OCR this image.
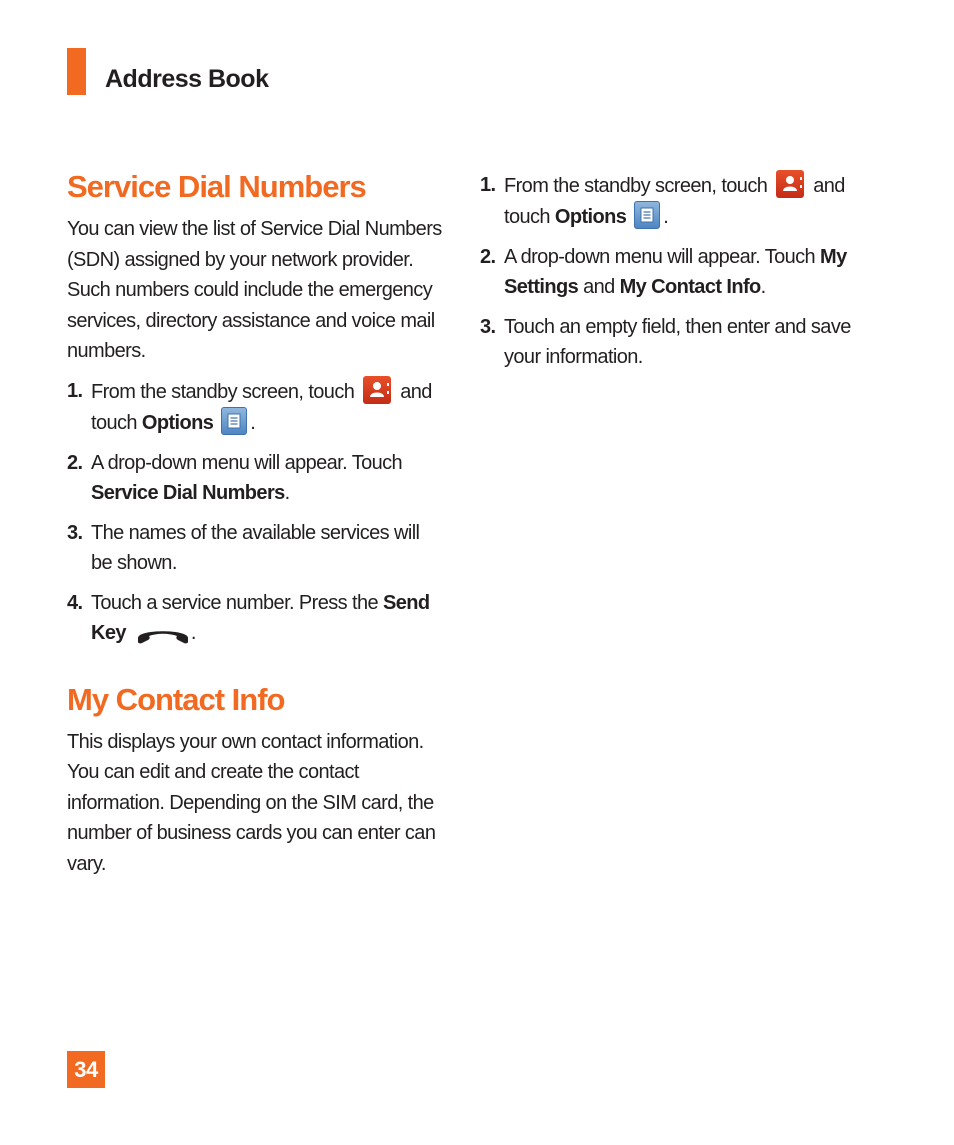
Address Book
Service Dial Numbers

You can view the list of Service Dial Numbers (SDN) assigned by your network provider. Such numbers could include the emergency services, directory assistance and voice mail numbers.

1. From the standby screen, touch and touch Options .
2. A drop-down menu will appear. Touch Service Dial Numbers.
3. The names of the available services will be shown.
4. Touch a service number. Press the Send Key	.
My Contact Info

This displays your own contact information. You can edit and create the contact information. Depending on the SIM card, the number of business cards you can enter can vary.

1. From the standby screen, touch and touch Options .
2. A drop-down menu will appear. Touch My Settings and My Contact Info.
3. Touch an empty field, then enter and save your information.
34
